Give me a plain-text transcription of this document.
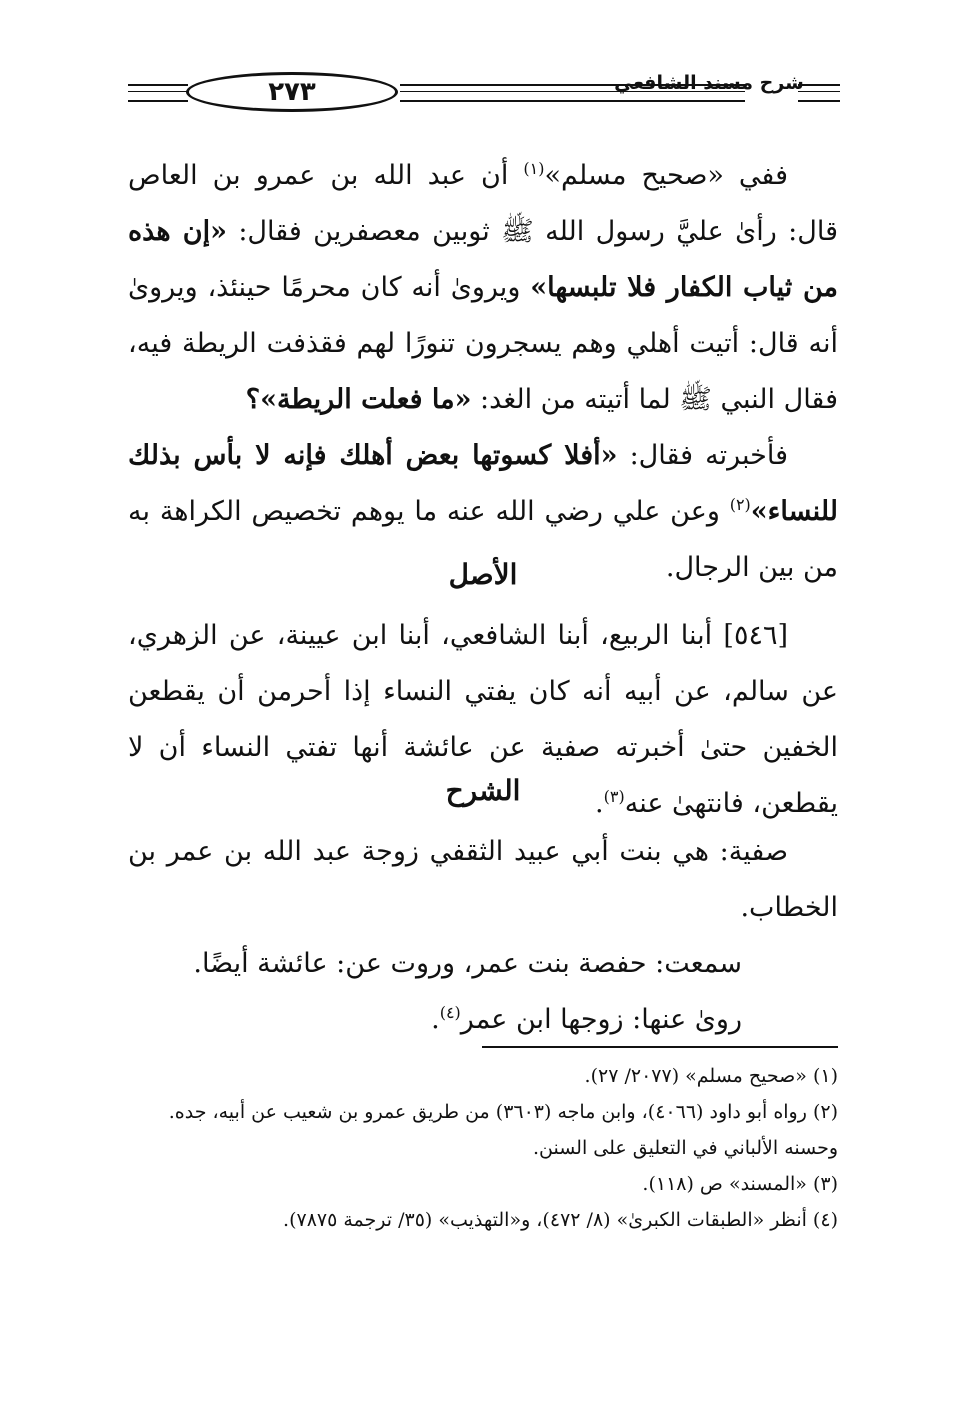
٢٧٣	شرح مسند الشافعي

ففي «صحيح مسلم»$^{(١)}$ أن عبد الله بن عمرو بن العاص قال: رأىٰ عليَّ رسول الله ﷺ ثوبين معصفرين فقال: «إن هذه من ثياب الكفار فلا تلبسها» ويروىٰ أنه كان محرمًا حينئذ، ويروىٰ أنه قال: أتيت أهلي وهم يسجرون تنورًا لهم فقذفت الريطة فيه، فقال النبي ﷺ لما أتيته من الغد: «ما فعلت الريطة»؟

فأخبرته فقال: «أفلا كسوتها بعض أهلك فإنه لا بأس بذلك للنساء»$^{(٢)}$ وعن علي رضي الله عنه ما يوهم تخصيص الكراهة به من بين الرجال.

الأصل

[٥٤٦] أبنا الربيع، أبنا الشافعي، أبنا ابن عيينة، عن الزهري، عن سالم، عن أبيه أنه كان يفتي النساء إذا أحرمن أن يقطعن الخفين حتىٰ أخبرته صفية عن عائشة أنها تفتي النساء أن لا يقطعن، فانتهىٰ عنه$^{(٣)}$.

الشرح

صفية: هي بنت أبي عبيد الثقفي زوجة عبد الله بن عمر بن الخطاب.

سمعت: حفصة بنت عمر، وروت عن: عائشة أيضًا.

روىٰ عنها: زوجها ابن عمر$^{(٤)}$.

(١) «صحيح مسلم» (٢٠٧٧/ ٢٧).

(٢) رواه أبو داود (٤٠٦٦)، وابن ماجه (٣٦٠٣) من طريق عمرو بن شعيب عن أبيه، جده.

وحسنه الألباني في التعليق على السنن.

(٣) «المسند» ص (١١٨).

(٤) أنظر «الطبقات الكبرىٰ» (٨/ ٤٧٢)، و«التهذيب» (٣٥/ ترجمة ٧٨٧٥).
